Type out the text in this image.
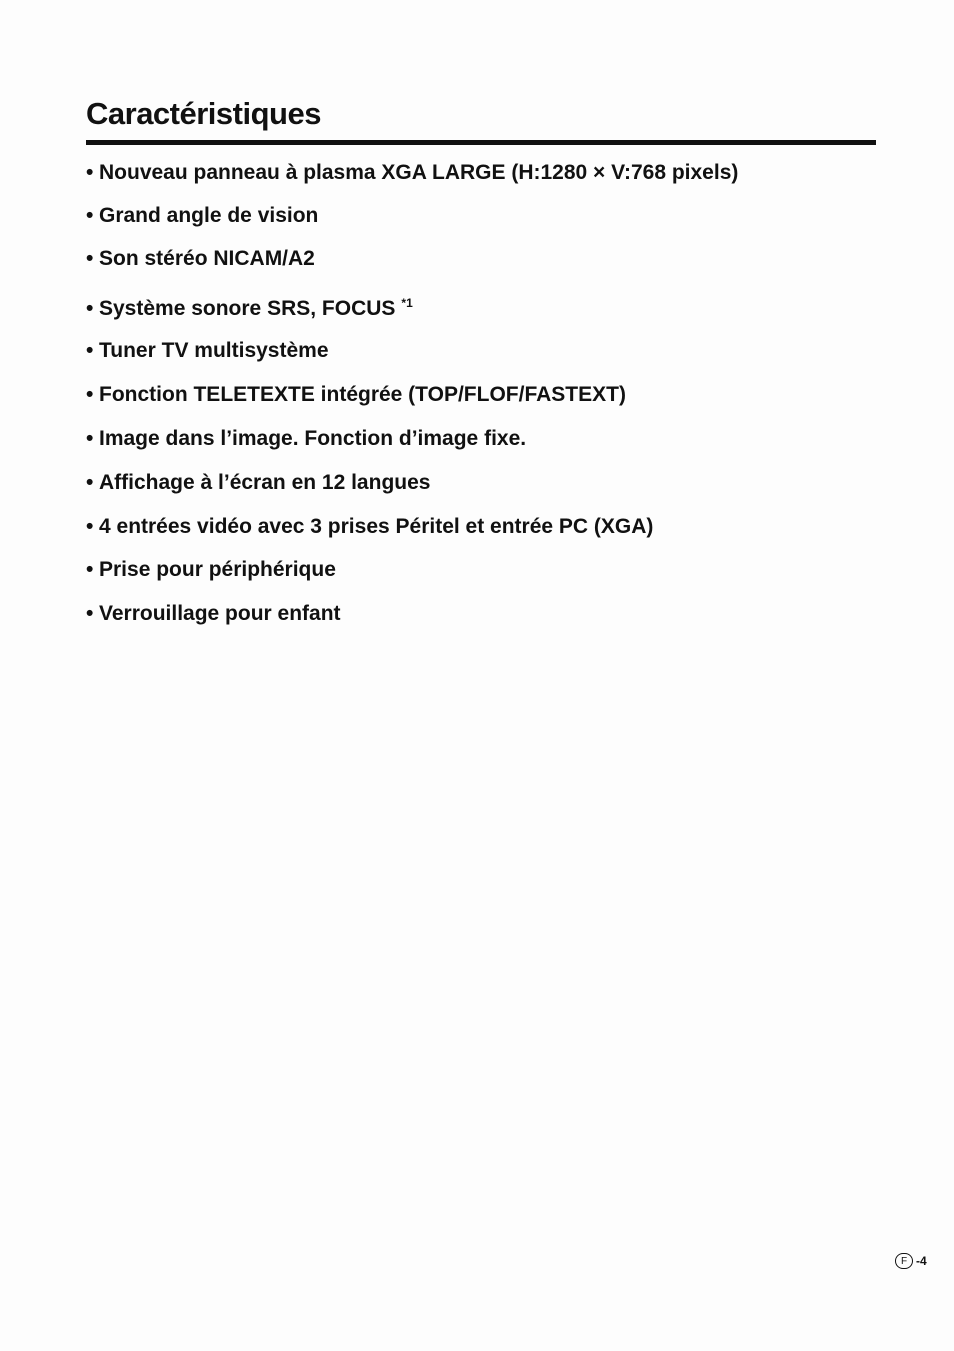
Caractéristiques
• Nouveau panneau à plasma XGA LARGE (H:1280 × V:768 pixels)
• Grand angle de vision
• Son stéréo NICAM/A2
• Système sonore SRS, FOCUS $^{*1}$
• Tuner TV multisystème
• Fonction TELETEXTE intégrée (TOP/FLOF/FASTEXT)
• Image dans l’image. Fonction d’image fixe.
• Affichage à l’écran en 12 langues
• 4 entrées vidéo avec 3 prises Péritel et entrée PC (XGA)
• Prise pour périphérique
• Verrouillage pour enfant
F -4
